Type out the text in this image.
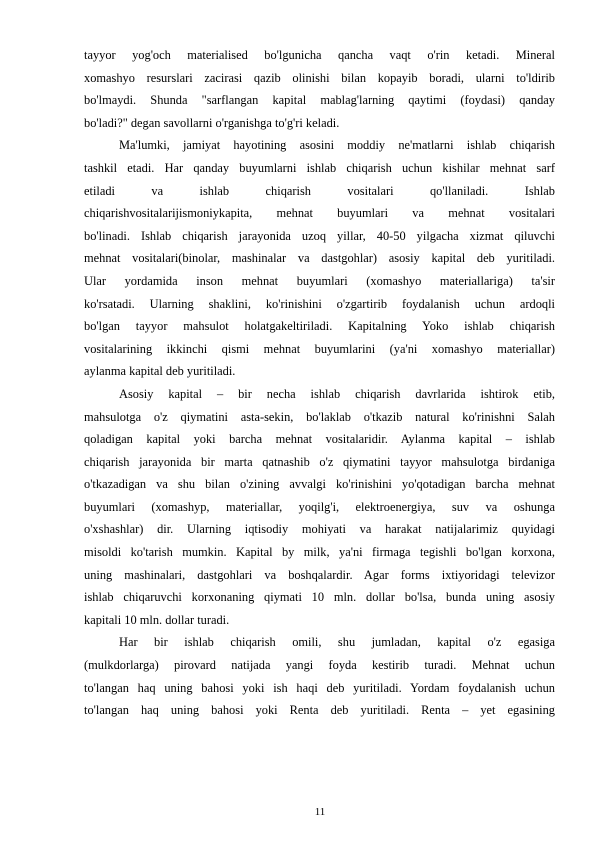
tayyor yog'och materialised bo'lgunicha qancha vaqt o'rin ketadi. Mineral
xomashyo resurslari zacirasi qazib olinishi bilan kopayib boradi, ularni to'ldirib
bo'lmaydi. Shunda "sarflangan kapital mablag'larning qaytimi (foydasi) qanday
bo'ladi?" degan savollarni o'rganishga to'g'ri keladi.
Ma'lumki, jamiyat hayotining asosini moddiy ne'matlarni ishlab chiqarish
tashkil etadi. Har qanday buyumlarni ishlab chiqarish uchun kishilar mehnat sarf
etiladi va ishlab chiqarish vositalari qo'llaniladi. Ishlab
chiqarishvositalarijismoniykapita, mehnat buyumlari va mehnat vositalari
bo'linadi. Ishlab chiqarish jarayonida uzoq yillar, 40-50 yilgacha xizmat qiluvchi
mehnat vositalari(binolar, mashinalar va dastgohlar) asosiy kapital deb yuritiladi.
Ular yordamida inson mehnat buyumlari (xomashyo materiallariga) ta'sir
ko'rsatadi. Ularning shaklini, ko'rinishini o'zgartirib foydalanish uchun ardoqli
bo'lgan tayyor mahsulot holatgakeltiriladi. Kapitalning Yoko ishlab chiqarish
vositalarining ikkinchi qismi mehnat buyumlarini (ya'ni xomashyo materiallar)
aylanma kapital deb yuritiladi.
Asosiy kapital – bir necha ishlab chiqarish davrlarida ishtirok etib,
mahsulotga o'z qiymatini asta-sekin, bo'laklab o'tkazib natural ko'rinishni Salah
qoladigan kapital yoki barcha mehnat vositalaridir. Aylanma kapital – ishlab
chiqarish jarayonida bir marta qatnashib o'z qiymatini tayyor mahsulotga birdaniga
o'tkazadigan va shu bilan o'zining avvalgi ko'rinishini yo'qotadigan barcha mehnat
buyumlari (xomashyp, materiallar, yoqilg'i, elektroenergiya, suv va oshunga
o'xshashlar) dir. Ularning iqtisodiy mohiyati va harakat natijalarimiz quyidagi
misoldi ko'tarish mumkin. Kapital by milk, ya'ni firmaga tegishli bo'lgan korxona,
uning mashinalari, dastgohlari va boshqalardir. Agar forms ixtiyoridagi televizor
ishlab chiqaruvchi korxonaning qiymati 10 mln. dollar bo'lsa, bunda uning asosiy
kapitali 10 mln. dollar turadi.
Har bir ishlab chiqarish omili, shu jumladan, kapital o'z egasiga
(mulkdorlarga) pirovard natijada yangi foyda kestirib turadi. Mehnat uchun
to'langan haq uning bahosi yoki ish haqi deb yuritiladi. Yordam foydalanish uchun
to'langan haq uning bahosi yoki Renta deb yuritiladi. Renta – yet egasining
11
